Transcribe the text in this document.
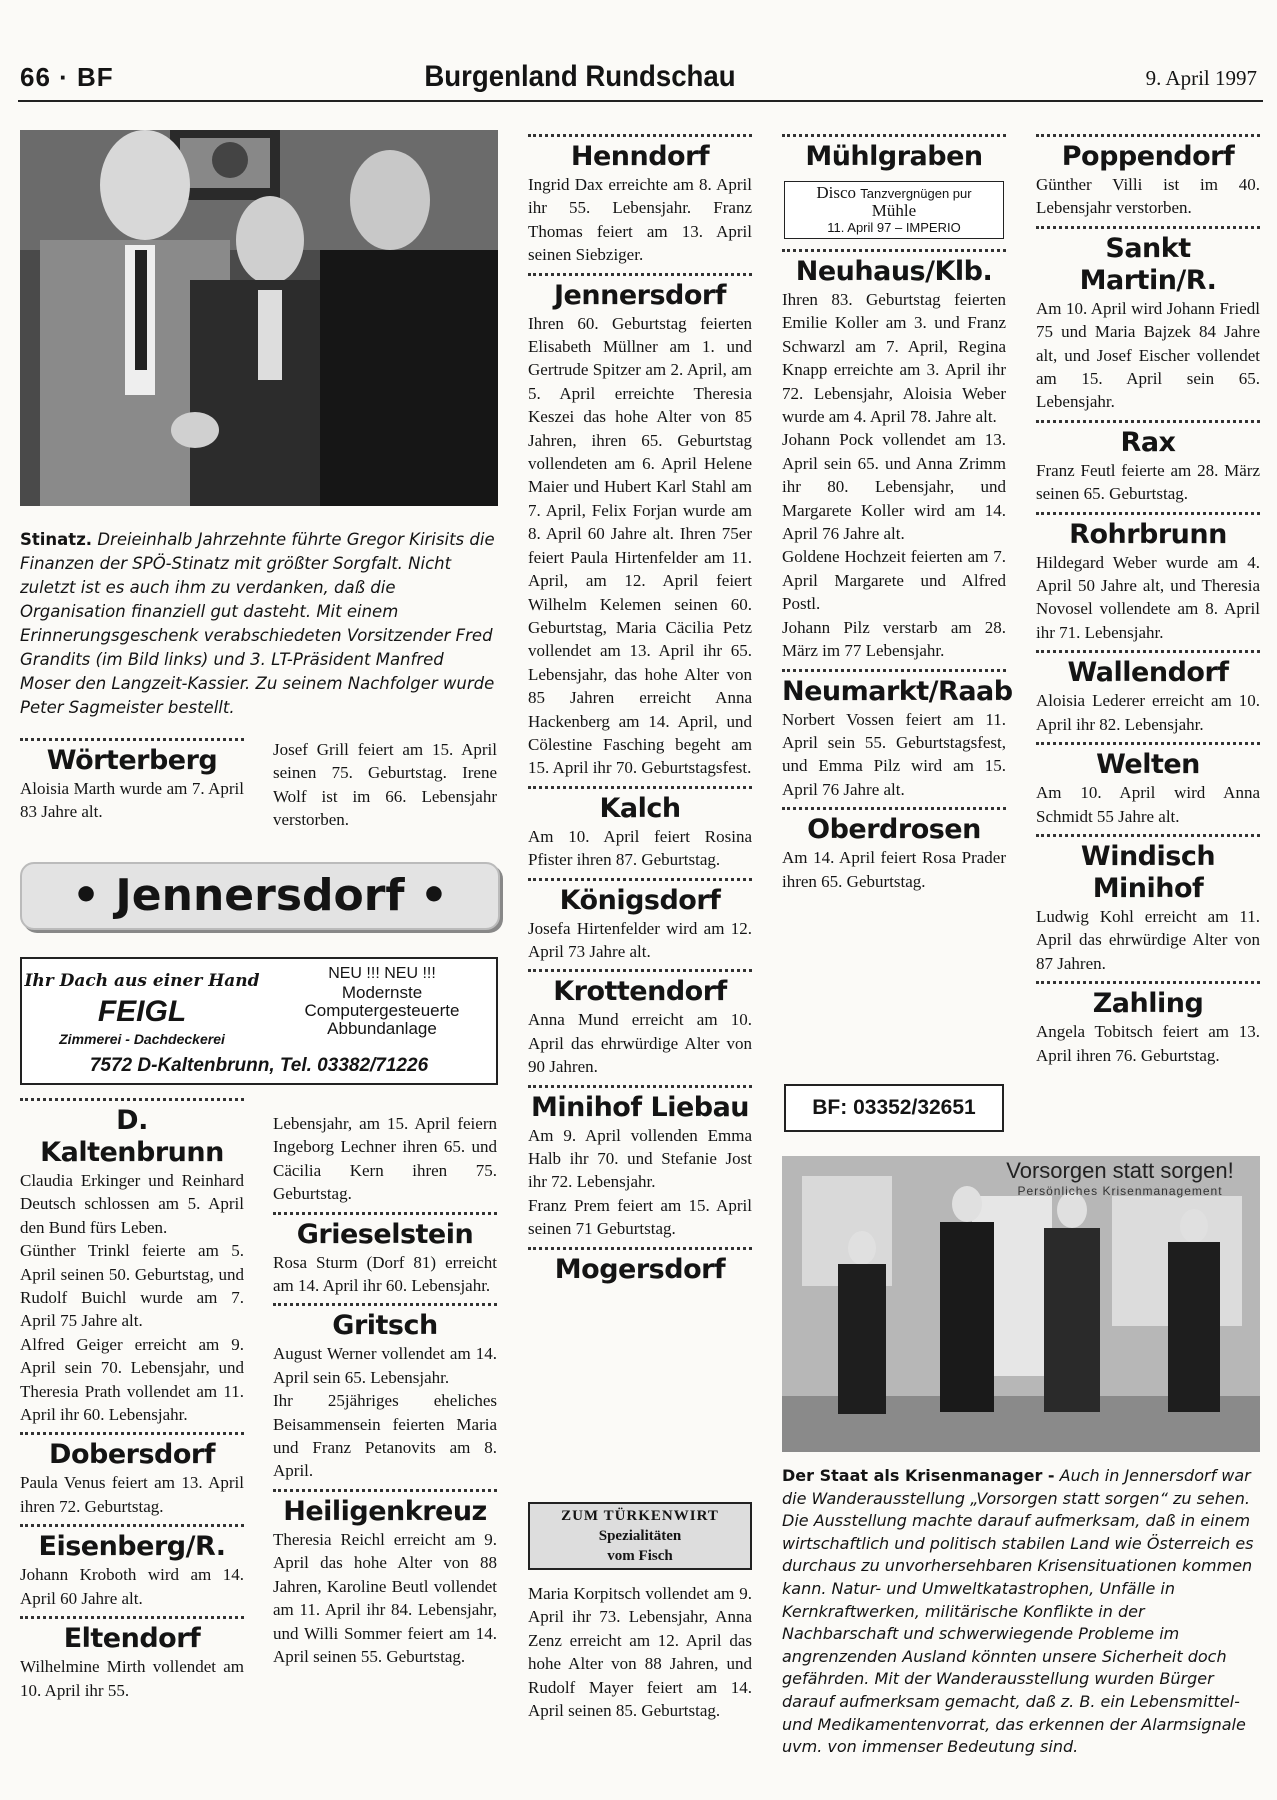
66 · BF	Burgenland Rundschau	9. April 1997
Stinatz. Dreieinhalb Jahrzehnte führte Gregor Kirisits die Finanzen der SPÖ-Stinatz mit größter Sorgfalt. Nicht zuletzt ist es auch ihm zu verdanken, daß die Organisation finanziell gut dasteht. Mit einem Erinnerungsgeschenk verabschiedeten Vorsitzender Fred Grandits (im Bild links) und 3. LT-Präsident Manfred Moser den Langzeit-Kassier. Zu seinem Nachfolger wurde Peter Sagmeister bestellt.
Wörterberg

Aloisia Marth wurde am 7. April 83 Jahre alt.

Josef Grill feiert am 15. April seinen 75. Geburtstag. Irene Wolf ist im 66. Lebensjahr verstorben.

• Jennersdorf •
Ihr Dach aus einer Hand
FEIGL
Zimmerei - Dachdeckerei
NEU !!! NEU !!!
Modernste
Computergesteuerte
Abbundanlage
7572 D-Kaltenbrunn, Tel. 03382/71226
D. Kaltenbrunn

Claudia Erkinger und Reinhard Deutsch schlossen am 5. April den Bund fürs Leben.
Günther Trinkl feierte am 5. April seinen 50. Geburtstag, und Rudolf Buichl wurde am 7. April 75 Jahre alt.
Alfred Geiger erreicht am 9. April sein 70. Lebensjahr, und Theresia Prath vollendet am 11. April ihr 60. Lebensjahr.

Dobersdorf

Paula Venus feiert am 13. April ihren 72. Geburtstag.

Eisenberg/R.

Johann Kroboth wird am 14. April 60 Jahre alt.

Eltendorf

Wilhelmine Mirth vollendet am 10. April ihr 55.

Lebensjahr, am 15. April feiern Ingeborg Lechner ihren 65. und Cäcilia Kern ihren 75. Geburtstag.

Grieselstein

Rosa Sturm (Dorf 81) erreicht am 14. April ihr 60. Lebensjahr.

Gritsch

August Werner vollendet am 14. April sein 65. Lebensjahr.
Ihr 25jähriges eheliches Beisammensein feierten Maria und Franz Petanovits am 8. April.

Heiligenkreuz

Theresia Reichl erreicht am 9. April das hohe Alter von 88 Jahren, Karoline Beutl vollendet am 11. April ihr 84. Lebensjahr, und Willi Sommer feiert am 14. April seinen 55. Geburtstag.

Henndorf

Ingrid Dax erreichte am 8. April ihr 55. Lebensjahr. Franz Thomas feiert am 13. April seinen Siebziger.

Jennersdorf

Ihren 60. Geburtstag feierten Elisabeth Müllner am 1. und Gertrude Spitzer am 2. April, am 5. April erreichte Theresia Keszei das hohe Alter von 85 Jahren, ihren 65. Geburtstag vollendeten am 6. April Helene Maier und Hubert Karl Stahl am 7. April, Felix Forjan wurde am 8. April 60 Jahre alt. Ihren 75er feiert Paula Hirtenfelder am 11. April, am 12. April feiert Wilhelm Kelemen seinen 60. Geburtstag, Maria Cäcilia Petz vollendet am 13. April ihr 65. Lebensjahr, das hohe Alter von 85 Jahren erreicht Anna Hackenberg am 14. April, und Cölestine Fasching begeht am 15. April ihr 70. Geburtstagsfest.

Kalch

Am 10. April feiert Rosina Pfister ihren 87. Geburtstag.

Königsdorf

Josefa Hirtenfelder wird am 12. April 73 Jahre alt.

Krottendorf

Anna Mund erreicht am 10. April das ehrwürdige Alter von 90 Jahren.

Minihof Liebau

Am 9. April vollenden Emma Halb ihr 70. und Stefanie Jost ihr 72. Lebensjahr.
Franz Prem feiert am 15. April seinen 71 Geburtstag.

Mogersdorf
ZUM TÜRKENWIRT
Spezialitäten
vom Fisch

Maria Korpitsch vollendet am 9. April ihr 73. Lebensjahr, Anna Zenz erreicht am 12. April das hohe Alter von 88 Jahren, und Rudolf Mayer feiert am 14. April seinen 85. Geburtstag.

Mühlgraben
Disco Tanzvergnügen pur
Mühle
11. April 97 – IMPERIO
Neuhaus/Klb.

Ihren 83. Geburtstag feierten Emilie Koller am 3. und Franz Schwarzl am 7. April, Regina Knapp erreichte am 3. April ihr 72. Lebensjahr, Aloisia Weber wurde am 4. April 78. Jahre alt.
Johann Pock vollendet am 13. April sein 65. und Anna Zrimm ihr 80. Lebensjahr, und Margarete Koller wird am 14. April 76 Jahre alt.
Goldene Hochzeit feierten am 7. April Margarete und Alfred Postl.
Johann Pilz verstarb am 28. März im 77 Lebensjahr.

Neumarkt/Raab

Norbert Vossen feiert am 11. April sein 55. Geburtstagsfest, und Emma Pilz wird am 15. April 76 Jahre alt.

Oberdrosen

Am 14. April feiert Rosa Prader ihren 65. Geburtstag.

BF: 03352/32651
Poppendorf

Günther Villi ist im 40. Lebensjahr verstorben.

Sankt Martin/R.

Am 10. April wird Johann Friedl 75 und Maria Bajzek 84 Jahre alt, und Josef Eischer vollendet am 15. April sein 65. Lebensjahr.

Rax

Franz Feutl feierte am 28. März seinen 65. Geburtstag.

Rohrbrunn

Hildegard Weber wurde am 4. April 50 Jahre alt, und Theresia Novosel vollendete am 8. April ihr 71. Lebensjahr.

Wallendorf

Aloisia Lederer erreicht am 10. April ihr 82. Lebensjahr.

Welten

Am 10. April wird Anna Schmidt 55 Jahre alt.

Windisch Minihof

Ludwig Kohl erreicht am 11. April das ehrwürdige Alter von 87 Jahren.

Zahling

Angela Tobitsch feiert am 13. April ihren 76. Geburtstag.

Vorsorgen statt sorgen!
Persönliches Krisenmanagement
Der Staat als Krisenmanager - Auch in Jennersdorf war die Wanderausstellung „Vorsorgen statt sorgen“ zu sehen. Die Ausstellung machte darauf aufmerksam, daß in einem wirtschaftlich und politisch stabilen Land wie Österreich es durchaus zu unvorhersehbaren Krisensituationen kommen kann. Natur- und Umweltkatastrophen, Unfälle in Kernkraftwerken, militärische Konflikte in der Nachbarschaft und schwerwiegende Probleme im angrenzenden Ausland könnten unsere Sicherheit doch gefährden. Mit der Wanderausstellung wurden Bürger darauf aufmerksam gemacht, daß z. B. ein Lebensmittel- und Medikamentenvorrat, das erkennen der Alarmsignale uvm. von immenser Bedeutung sind.
